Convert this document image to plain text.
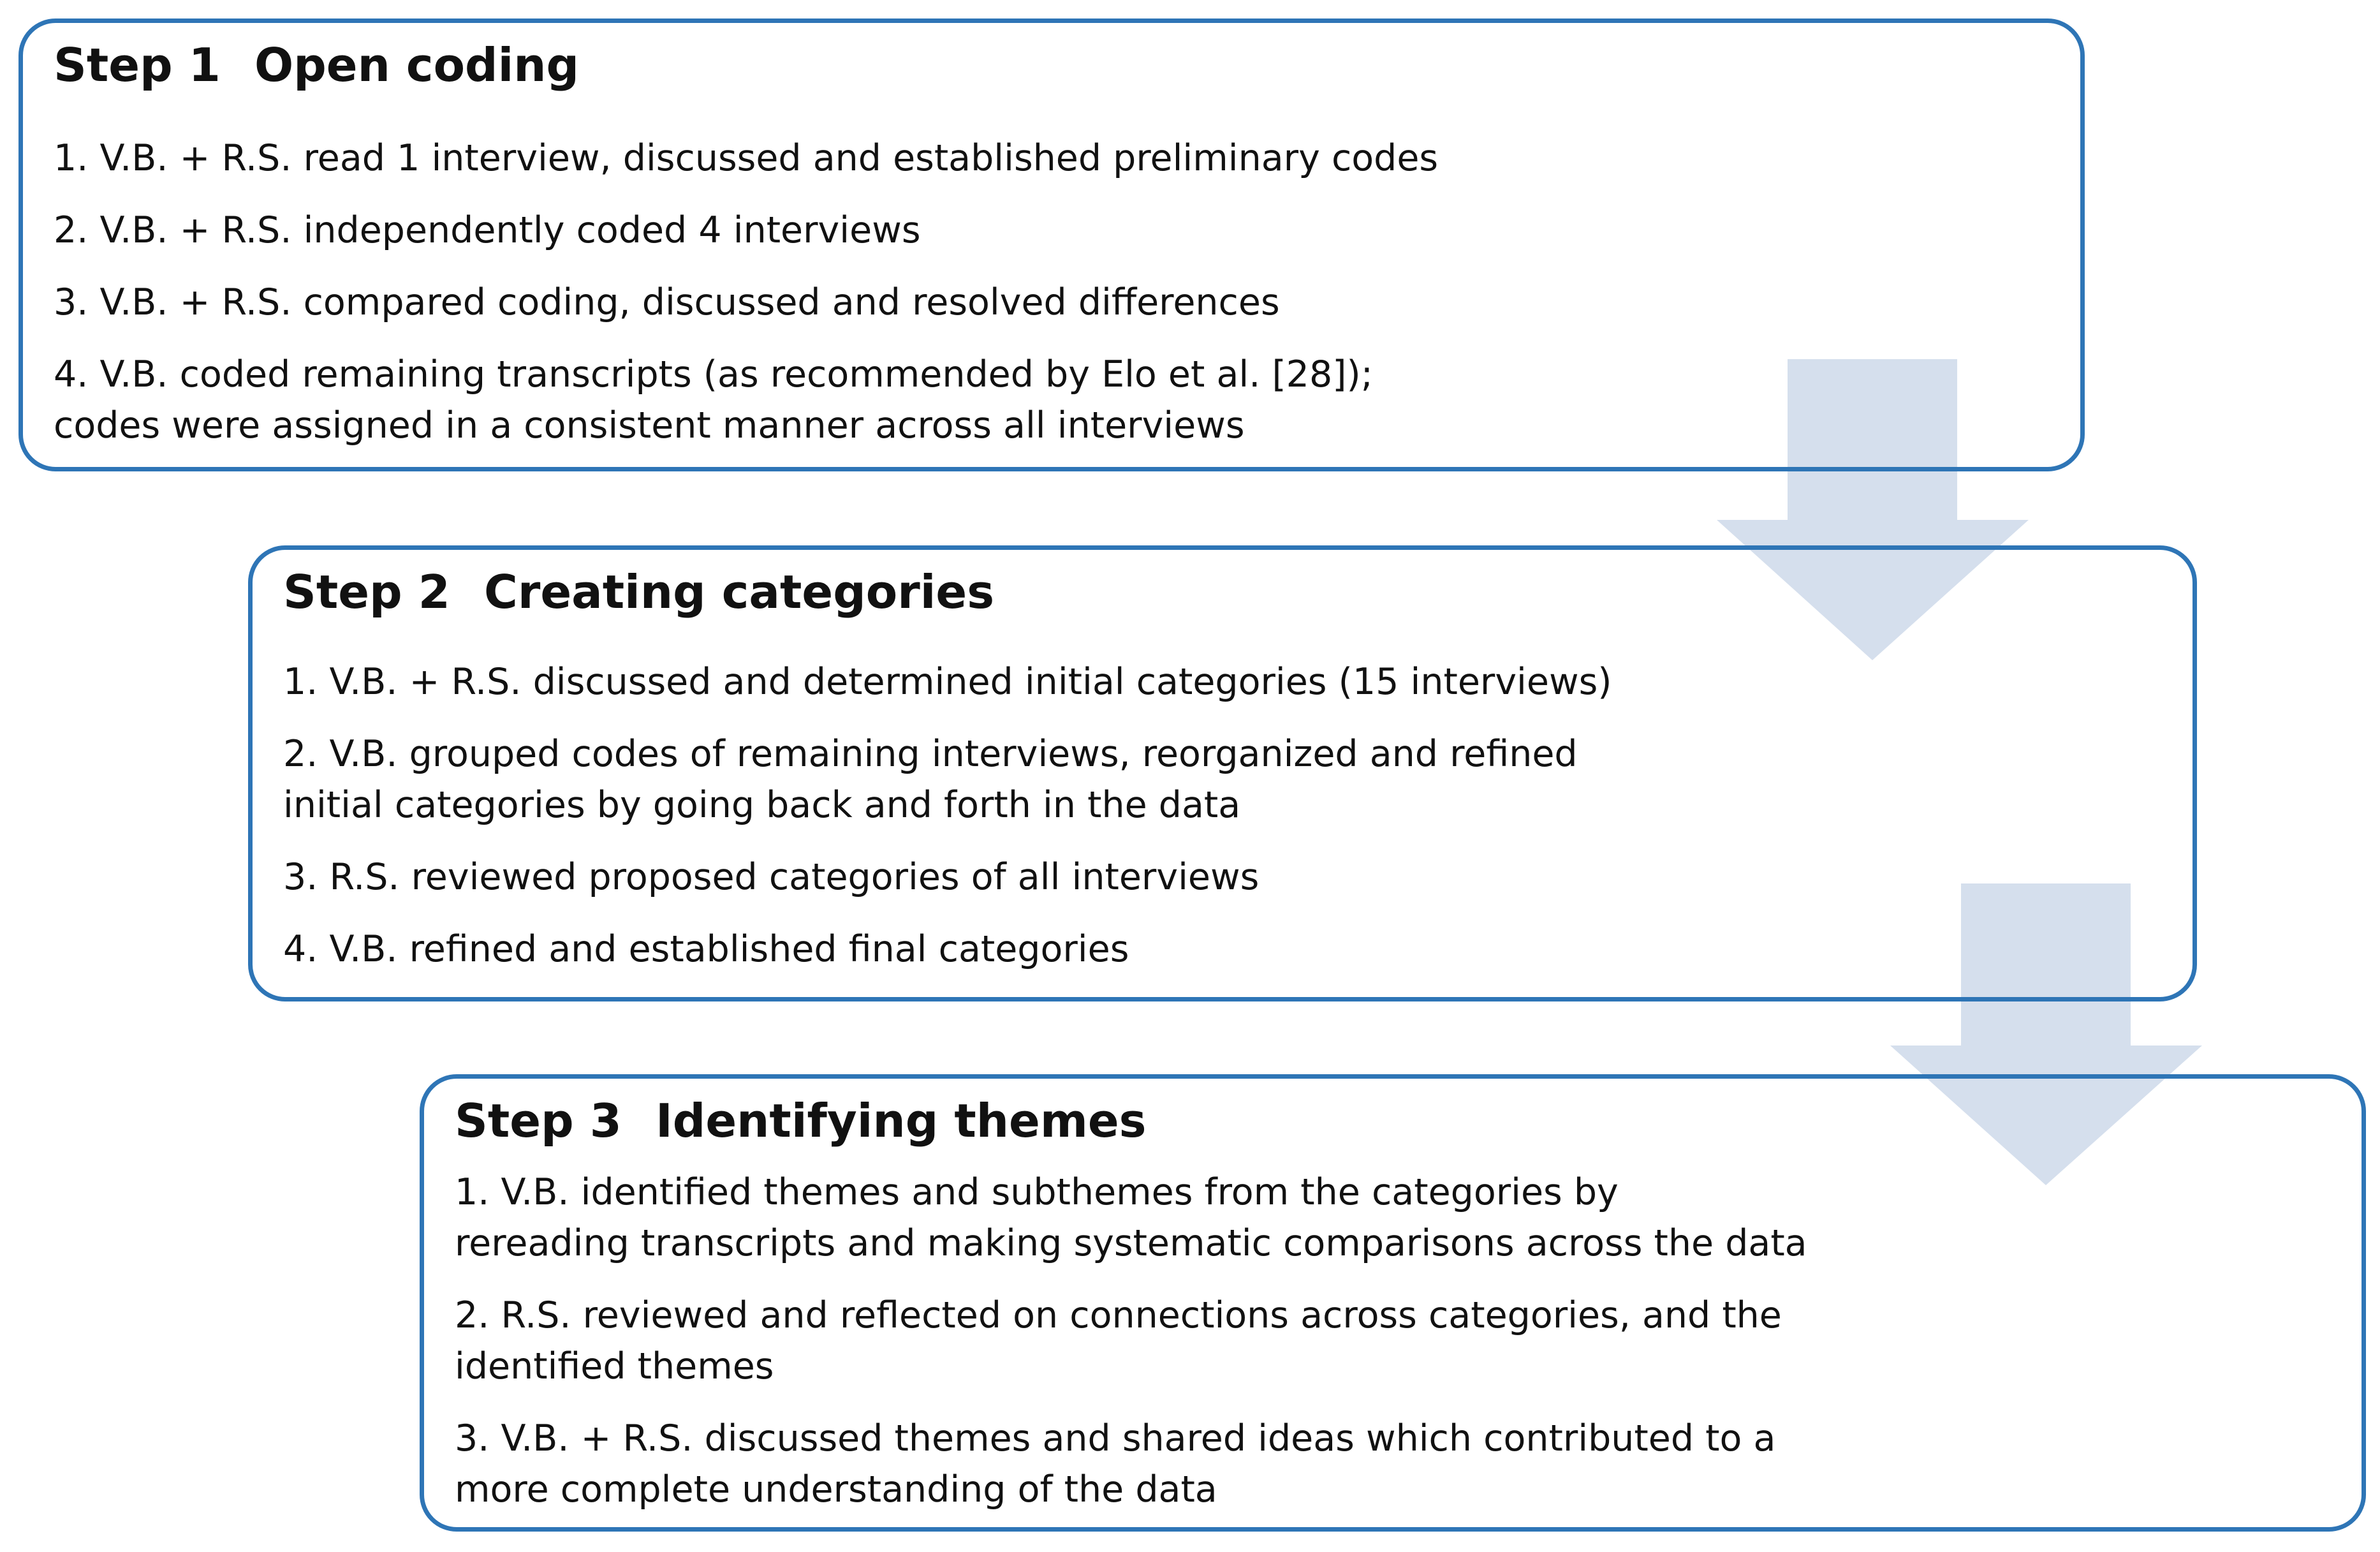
Step 1 Open coding
1. V.B. + R.S. read 1 interview, discussed and established preliminary codes
2. V.B. + R.S. independently coded 4 interviews
3. V.B. + R.S. compared coding, discussed and resolved differences
4. V.B. coded remaining transcripts (as recommended by Elo et al. [28]);
codes were assigned in a consistent manner across all interviews
Step 2 Creating categories
1. V.B. + R.S. discussed and determined initial categories (15 interviews)
2. V.B. grouped codes of remaining interviews, reorganized and refined
initial categories by going back and forth in the data
3. R.S. reviewed proposed categories of all interviews
4. V.B. refined and established final categories
Step 3 Identifying themes
1. V.B. identified themes and subthemes from the categories by
rereading transcripts and making systematic comparisons across the data
2. R.S. reviewed and reflected on connections across categories, and the
identified themes
3. V.B. + R.S. discussed themes and shared ideas which contributed to a
more complete understanding of the data
